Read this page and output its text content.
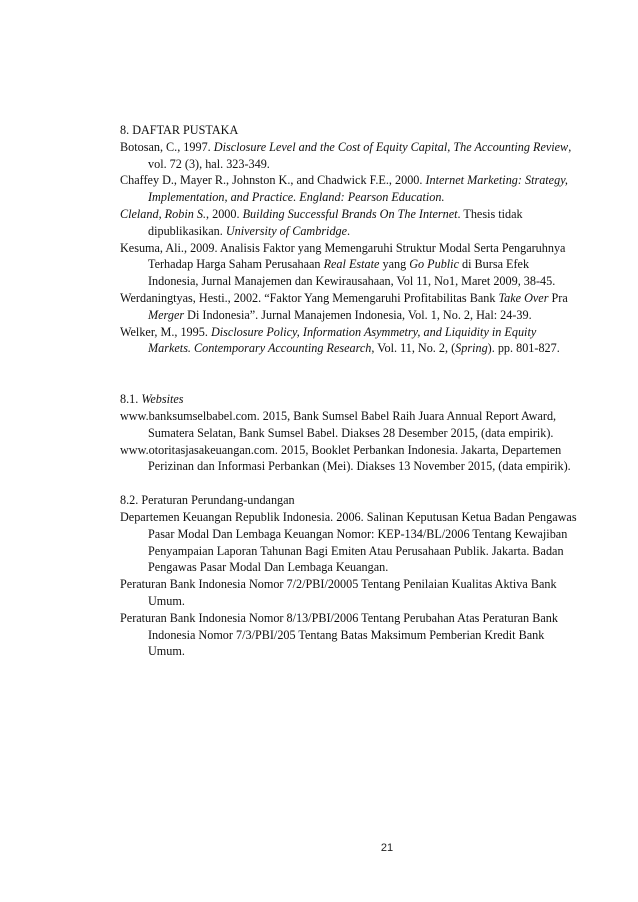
8. DAFTAR PUSTAKA

Botosan, C., 1997. Disclosure Level and the Cost of Equity Capital, The Accounting Review, vol. 72 (3), hal. 323-349.

Chaffey D., Mayer R., Johnston K., and Chadwick F.E., 2000. Internet Marketing: Strategy, Implementation, and Practice. England: Pearson Education.

Cleland, Robin S., 2000. Building Successful Brands On The Internet. Thesis tidak dipublikasikan. University of Cambridge.

Kesuma, Ali., 2009. Analisis Faktor yang Memengaruhi Struktur Modal Serta Pengaruhnya Terhadap Harga Saham Perusahaan Real Estate yang Go Public di Bursa Efek Indonesia, Jurnal Manajemen dan Kewirausahaan, Vol 11, No1, Maret 2009, 38-45.

Werdaningtyas, Hesti., 2002. “Faktor Yang Memengaruhi Profitabilitas Bank Take Over Pra Merger Di Indonesia”. Jurnal Manajemen Indonesia, Vol. 1, No. 2, Hal: 24-39.

Welker, M., 1995. Disclosure Policy, Information Asymmetry, and Liquidity in Equity Markets. Contemporary Accounting Research, Vol. 11, No. 2, (Spring). pp. 801-827.

8.1. Websites

www.banksumselbabel.com. 2015, Bank Sumsel Babel Raih Juara Annual Report Award, Sumatera Selatan, Bank Sumsel Babel. Diakses 28 Desember 2015, (data empirik).

www.otoritasjasakeuangan.com. 2015, Booklet Perbankan Indonesia. Jakarta, Departemen Perizinan dan Informasi Perbankan (Mei). Diakses 13 November 2015, (data empirik).

8.2. Peraturan Perundang-undangan

Departemen Keuangan Republik Indonesia. 2006. Salinan Keputusan Ketua Badan Pengawas Pasar Modal Dan Lembaga Keuangan Nomor: KEP-134/BL/2006 Tentang Kewajiban Penyampaian Laporan Tahunan Bagi Emiten Atau Perusahaan Publik. Jakarta. Badan Pengawas Pasar Modal Dan Lembaga Keuangan.

Peraturan Bank Indonesia Nomor 7/2/PBI/20005 Tentang Penilaian Kualitas Aktiva Bank Umum.

Peraturan Bank Indonesia Nomor 8/13/PBI/2006 Tentang Perubahan Atas Peraturan Bank Indonesia Nomor 7/3/PBI/205 Tentang Batas Maksimum Pemberian Kredit Bank Umum.

21
